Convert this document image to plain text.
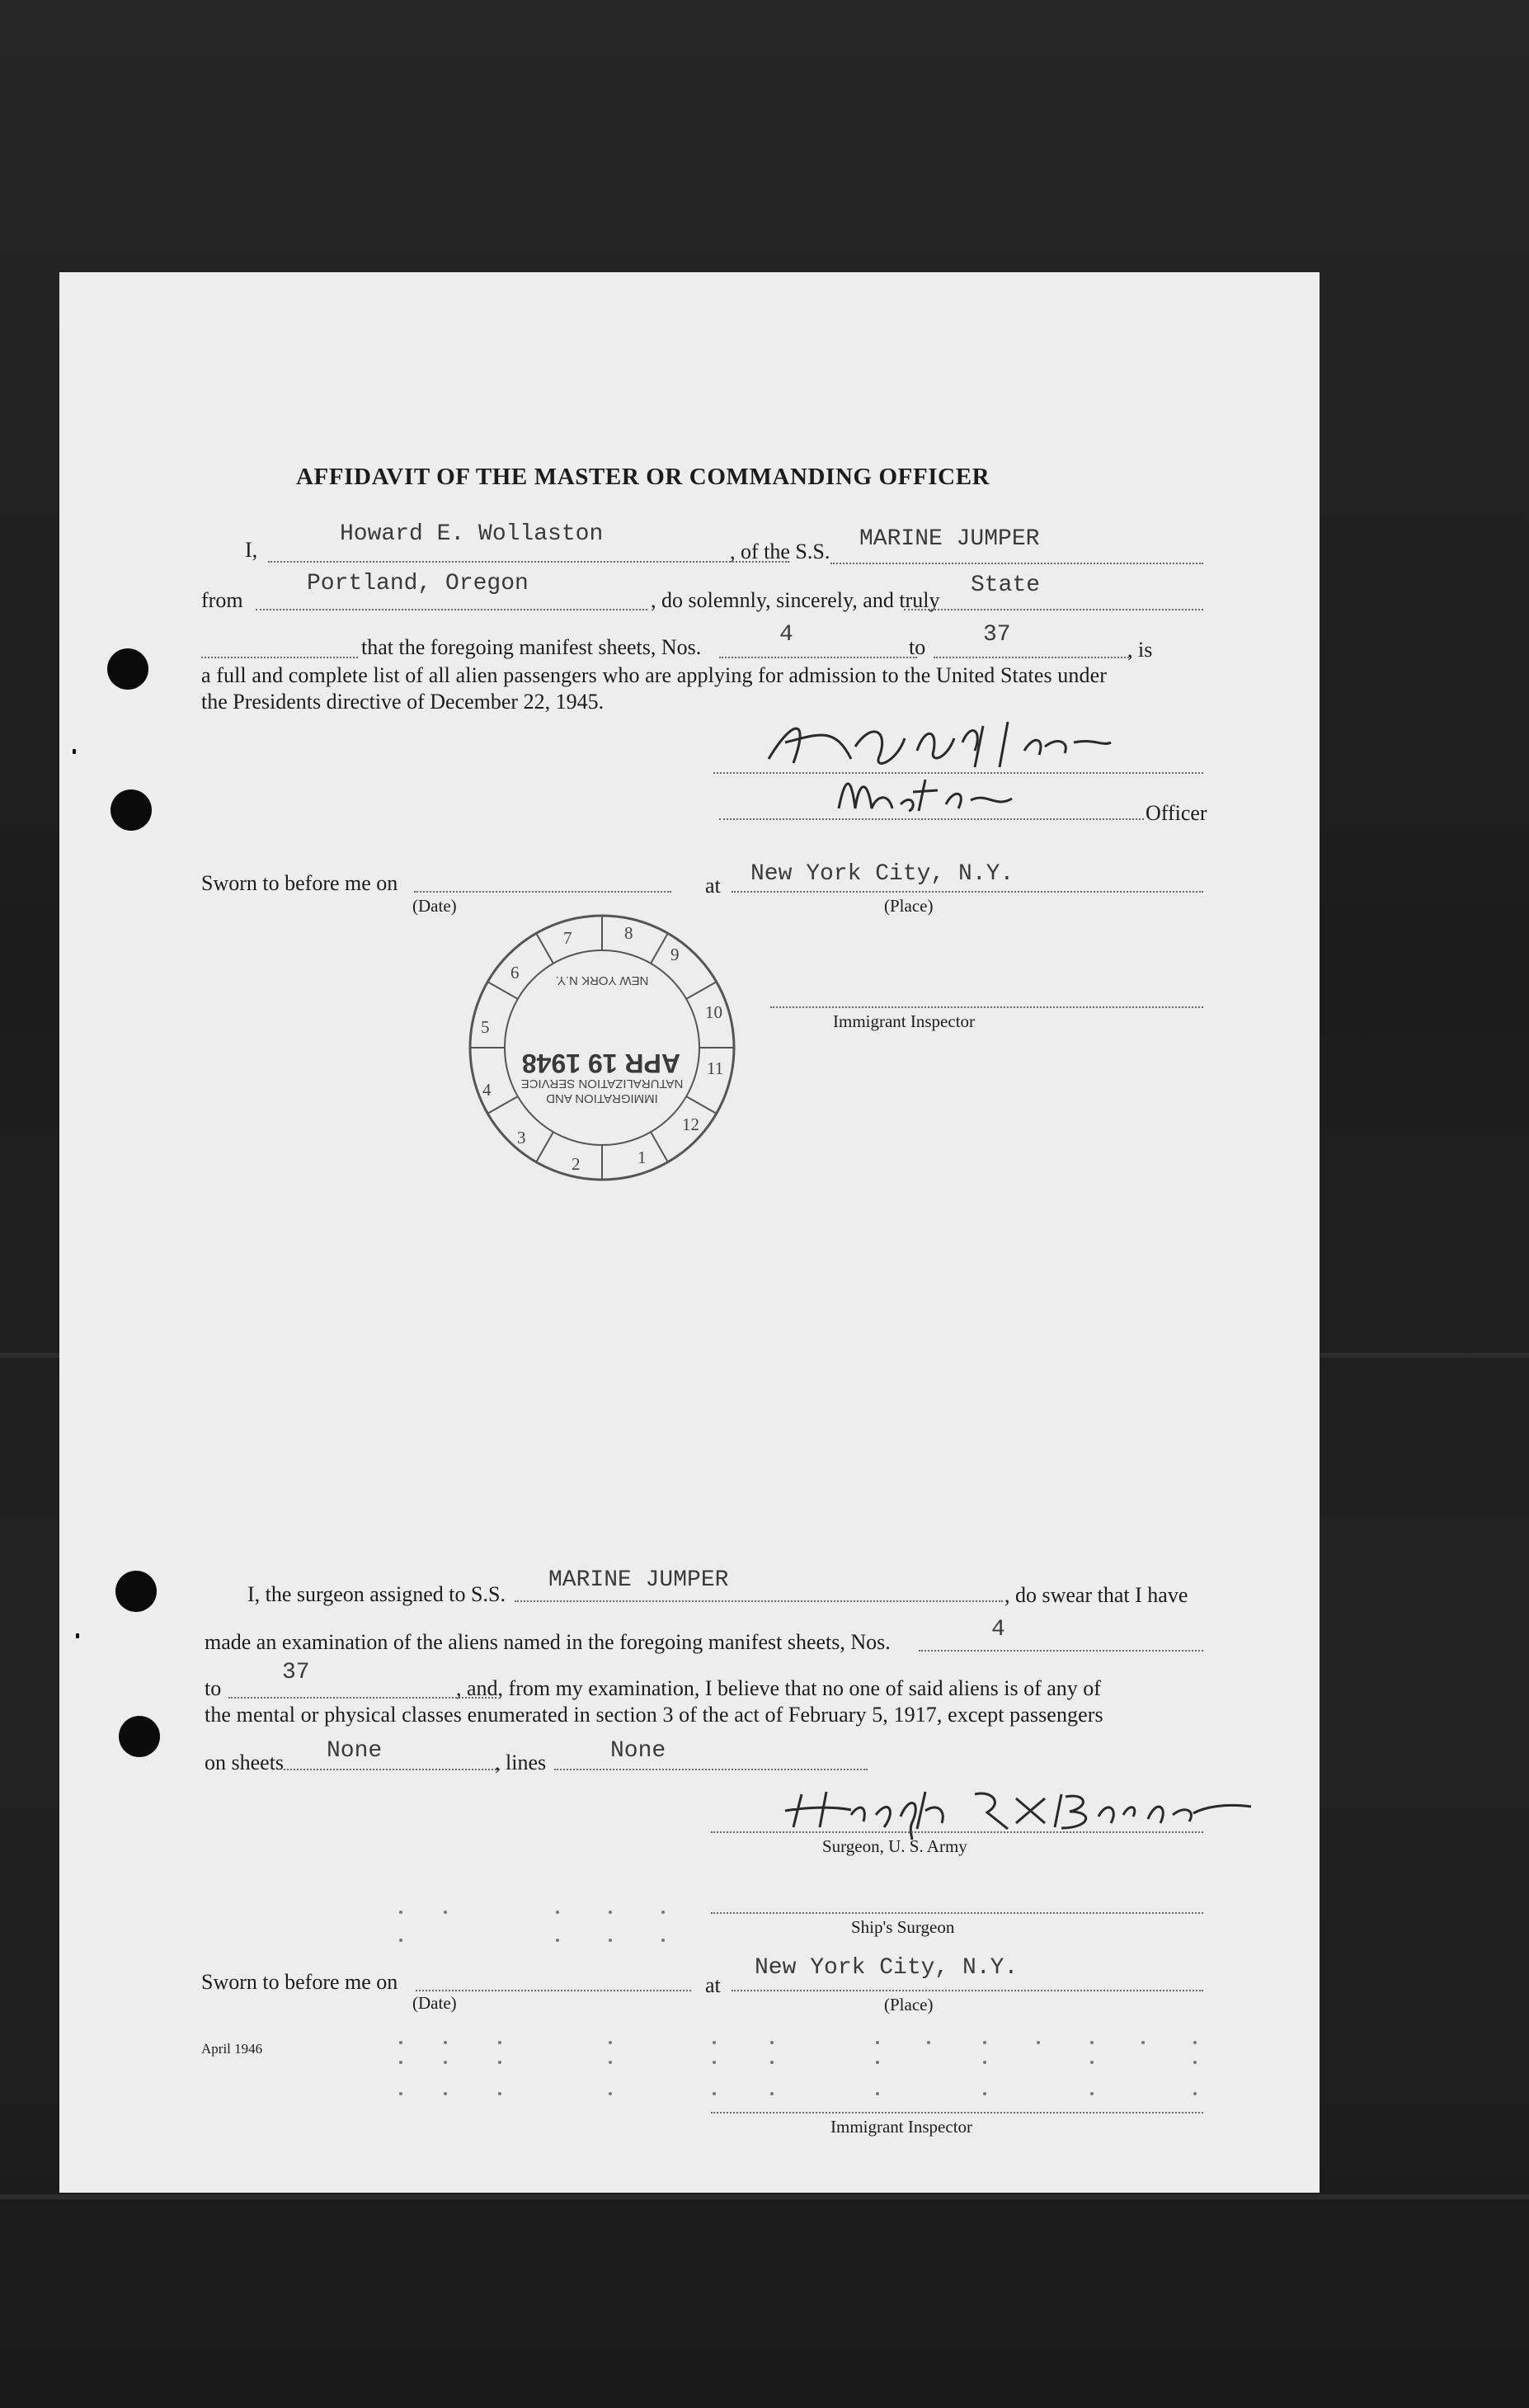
AFFIDAVIT OF THE MASTER OR COMMANDING OFFICER
I,
Howard E. Wollaston
, of the S.S. MARINE JUMPER
from
Portland, Oregon
, do solemnly, sincerely, and truly
State
that the foregoing manifest sheets, Nos.	4	to 37
, is
a full and complete list of all alien passengers who are applying for admission to the United States under
the Presidents directive of December 22, 1945.
Officer
Sworn to before me on
(Date)
at New York City, N.Y.
(Place)
Immigrant Inspector
8
9
10
11
12
1
2
3
4
5
6
7
IMMIGRATION AND NATURALIZATION SERVICE
NEW YORK N.Y.
APR 19 1948
I, the surgeon assigned to S.S.
MARINE JUMPER
, do swear that I have
made an examination of the aliens named in the foregoing manifest sheets, Nos.	4
to
37
, and, from my examination, I believe that no one of said aliens is of any of
the mental or physical classes enumerated in section 3 of the act of February 5, 1917, except passengers
on sheets None	, lines	None
Surgeon, U. S. Army
Ship's Surgeon
Sworn to before me on
(Date)
at
New York City, N.Y.
(Place)
Immigrant Inspector
April 1946
